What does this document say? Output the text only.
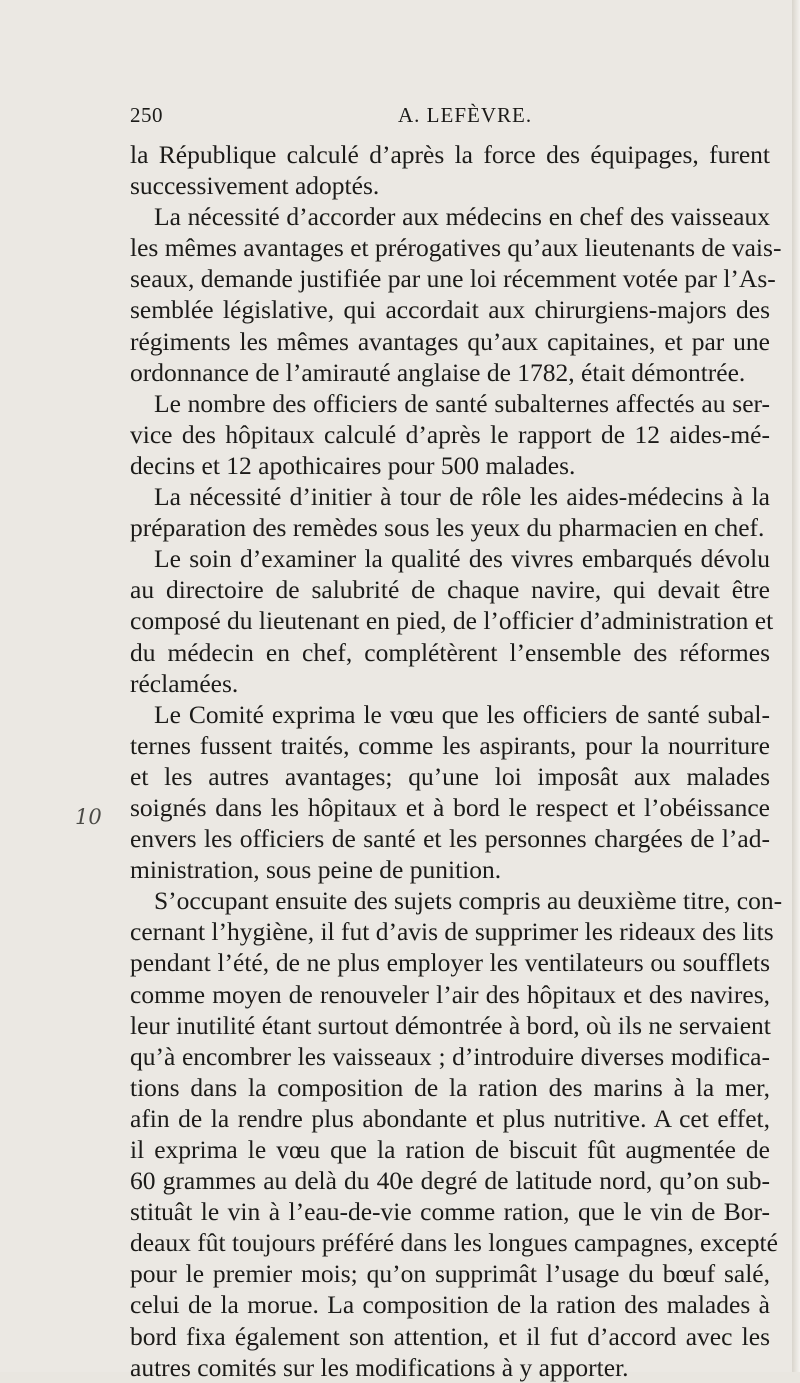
250	A. LEFÈVRE.
10
la République calculé d’après la force des équipages, furent
successivement adoptés.
La nécessité d’accorder aux médecins en chef des vaisseaux
les mêmes avantages et prérogatives qu’aux lieutenants de vais-
seaux, demande justifiée par une loi récemment votée par l’As-
semblée législative, qui accordait aux chirurgiens-majors des
régiments les mêmes avantages qu’aux capitaines, et par une
ordonnance de l’amirauté anglaise de 1782, était démontrée.
Le nombre des officiers de santé subalternes affectés au ser-
vice des hôpitaux calculé d’après le rapport de 12 aides-mé-
decins et 12 apothicaires pour 500 malades.
La nécessité d’initier à tour de rôle les aides-médecins à la
préparation des remèdes sous les yeux du pharmacien en chef.
Le soin d’examiner la qualité des vivres embarqués dévolu
au directoire de salubrité de chaque navire, qui devait être
composé du lieutenant en pied, de l’officier d’administration et
du médecin en chef, complétèrent l’ensemble des réformes
réclamées.
Le Comité exprima le vœu que les officiers de santé subal-
ternes fussent traités, comme les aspirants, pour la nourriture
et les autres avantages; qu’une loi imposât aux malades
soignés dans les hôpitaux et à bord le respect et l’obéissance
envers les officiers de santé et les personnes chargées de l’ad-
ministration, sous peine de punition.
S’occupant ensuite des sujets compris au deuxième titre, con-
cernant l’hygiène, il fut d’avis de supprimer les rideaux des lits
pendant l’été, de ne plus employer les ventilateurs ou soufflets
comme moyen de renouveler l’air des hôpitaux et des navires,
leur inutilité étant surtout démontrée à bord, où ils ne servaient
qu’à encombrer les vaisseaux ; d’introduire diverses modifica-
tions dans la composition de la ration des marins à la mer,
afin de la rendre plus abondante et plus nutritive. A cet effet,
il exprima le vœu que la ration de biscuit fût augmentée de
60 grammes au delà du 40e degré de latitude nord, qu’on sub-
stituât le vin à l’eau-de-vie comme ration, que le vin de Bor-
deaux fût toujours préféré dans les longues campagnes, excepté
pour le premier mois; qu’on supprimât l’usage du bœuf salé,
celui de la morue. La composition de la ration des malades à
bord fixa également son attention, et il fut d’accord avec les
autres comités sur les modifications à y apporter.
